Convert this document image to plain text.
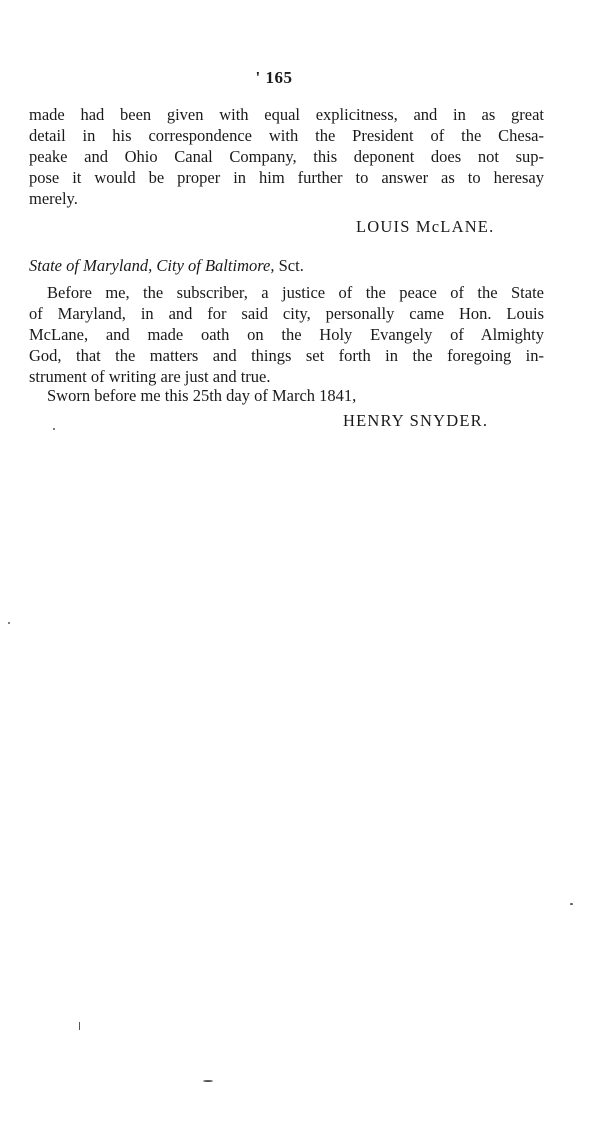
' 165
made had been given with equal explicitness, and in as great
detail in his correspondence with the President of the Chesa-
peake and Ohio Canal Company, this deponent does not sup-
pose it would be proper in him further to answer as to heresay
merely.
LOUIS McLANE.
State of Maryland, City of Baltimore, Sct.
Before me, the subscriber, a justice of the peace of the State
of Maryland, in and for said city, personally came Hon. Louis
McLane, and made oath on the Holy Evangely of Almighty
God, that the matters and things set forth in the foregoing in-
strument of writing are just and true.
Sworn before me this 25th day of March 1841,
HENRY SNYDER.
